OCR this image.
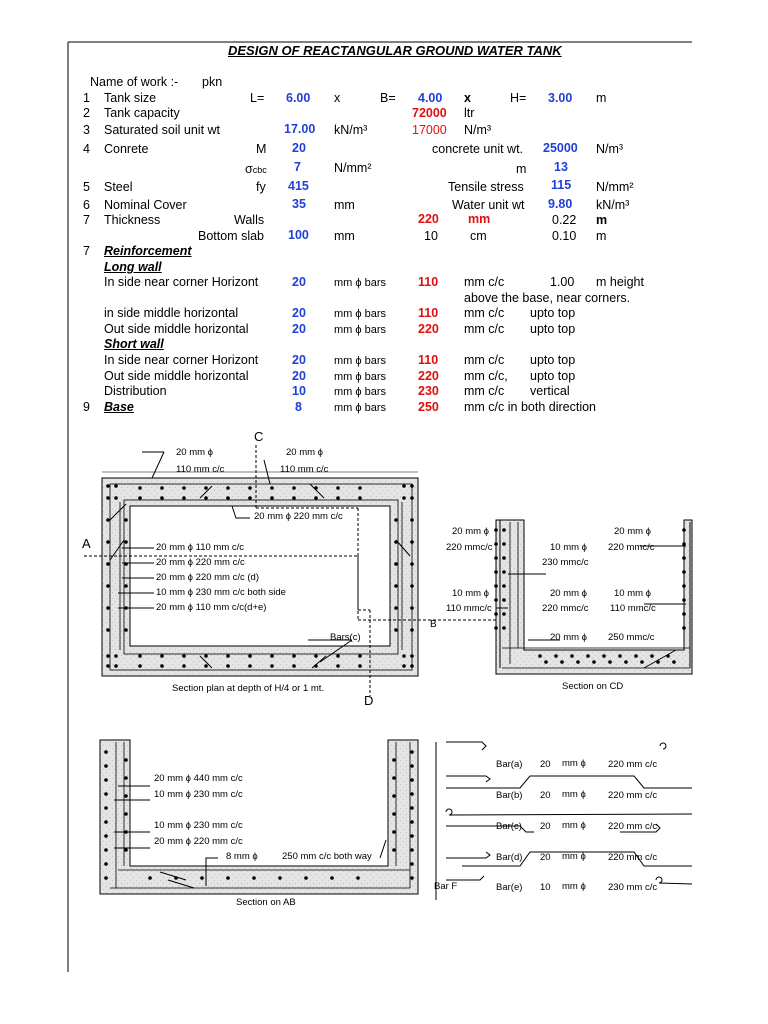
DESIGN OF REACTANGULAR GROUND WATER TANK
Name of work :- pkn
1 Tank size	L= 6.00 x	B= 4.00 x	H= 3.00 m
2 Tank capacity	72000 ltr
3 Saturated soil unit wt	17.00 kN/m³	17000 N/m³
4 Conrete	M 20	concrete unit wt. 25000 N/m³
σcbc 7	N/mm²	m 13
5 Steel	fy 415	Tensile stress 115 N/mm²
6 Nominal Cover	35 mm	Water unit wt 9.80 kN/m³
7 Thickness	Walls	220 mm	0.22 m
Bottom slab 100 mm	10	cm	0.10 m
7 Reinforcement
Long wall
In side near corner Horizont	20	mm ϕ bars	110 mm c/c	1.00 m height
above the base, near corners.
in side middle horizontal	20	mm ϕ bars	110 mm c/c upto top
Out side middle horizontal	20	mm ϕ bars	220 mm c/c upto top
Short wall
In side near corner Horizont	20	mm ϕ bars	110 mm c/c upto top
Out side middle horizontal	20	mm ϕ bars	220 mm c/c, upto top
Distribution	10	mm ϕ bars	230 mm c/c vertical
9 Base	8	mm ϕ bars	250 mm c/c in both direction
C
D
A
B
20 mm ϕ
110 mm c/c
20 mm ϕ
110 mm c/c
20 mm ϕ 220 mm c/c
20 mm ϕ 110 mm c/c
20 mm ϕ 220 mm c/c
20 mm ϕ 220 mm c/c (d)
10 mm ϕ 230 mm c/c both side
20 mm ϕ 110 mm c/c(d+e)
Bars(c)
Section plan at depth of H/4 or 1 mt.
20 mm ϕ
220 mmc/c	10 mm ϕ
230 mmc/c
20 mm ϕ
220 mmc/c
10 mm ϕ
110 mmc/c
20 mm ϕ
220 mmc/c
10 mm ϕ
110 mmc/c
20 mm ϕ 250 mmc/c
Section on CD
20 mm ϕ 440 mm c/c
10 mm ϕ 230 mm c/c
10 mm ϕ 230 mm c/c
20 mm ϕ 220 mm c/c
8 mm ϕ	250 mm c/c both way
Section on AB
Bar(a) 20 mm ϕ 220 mm c/c
Bar(b) 20 mm ϕ 220 mm c/c
Bar(c) 20 mm ϕ 220 mm c/c
Bar(d) 20 mm ϕ 220 mm c/c
Bar(e) 10 mm ϕ 230 mm c/c
Bar F
